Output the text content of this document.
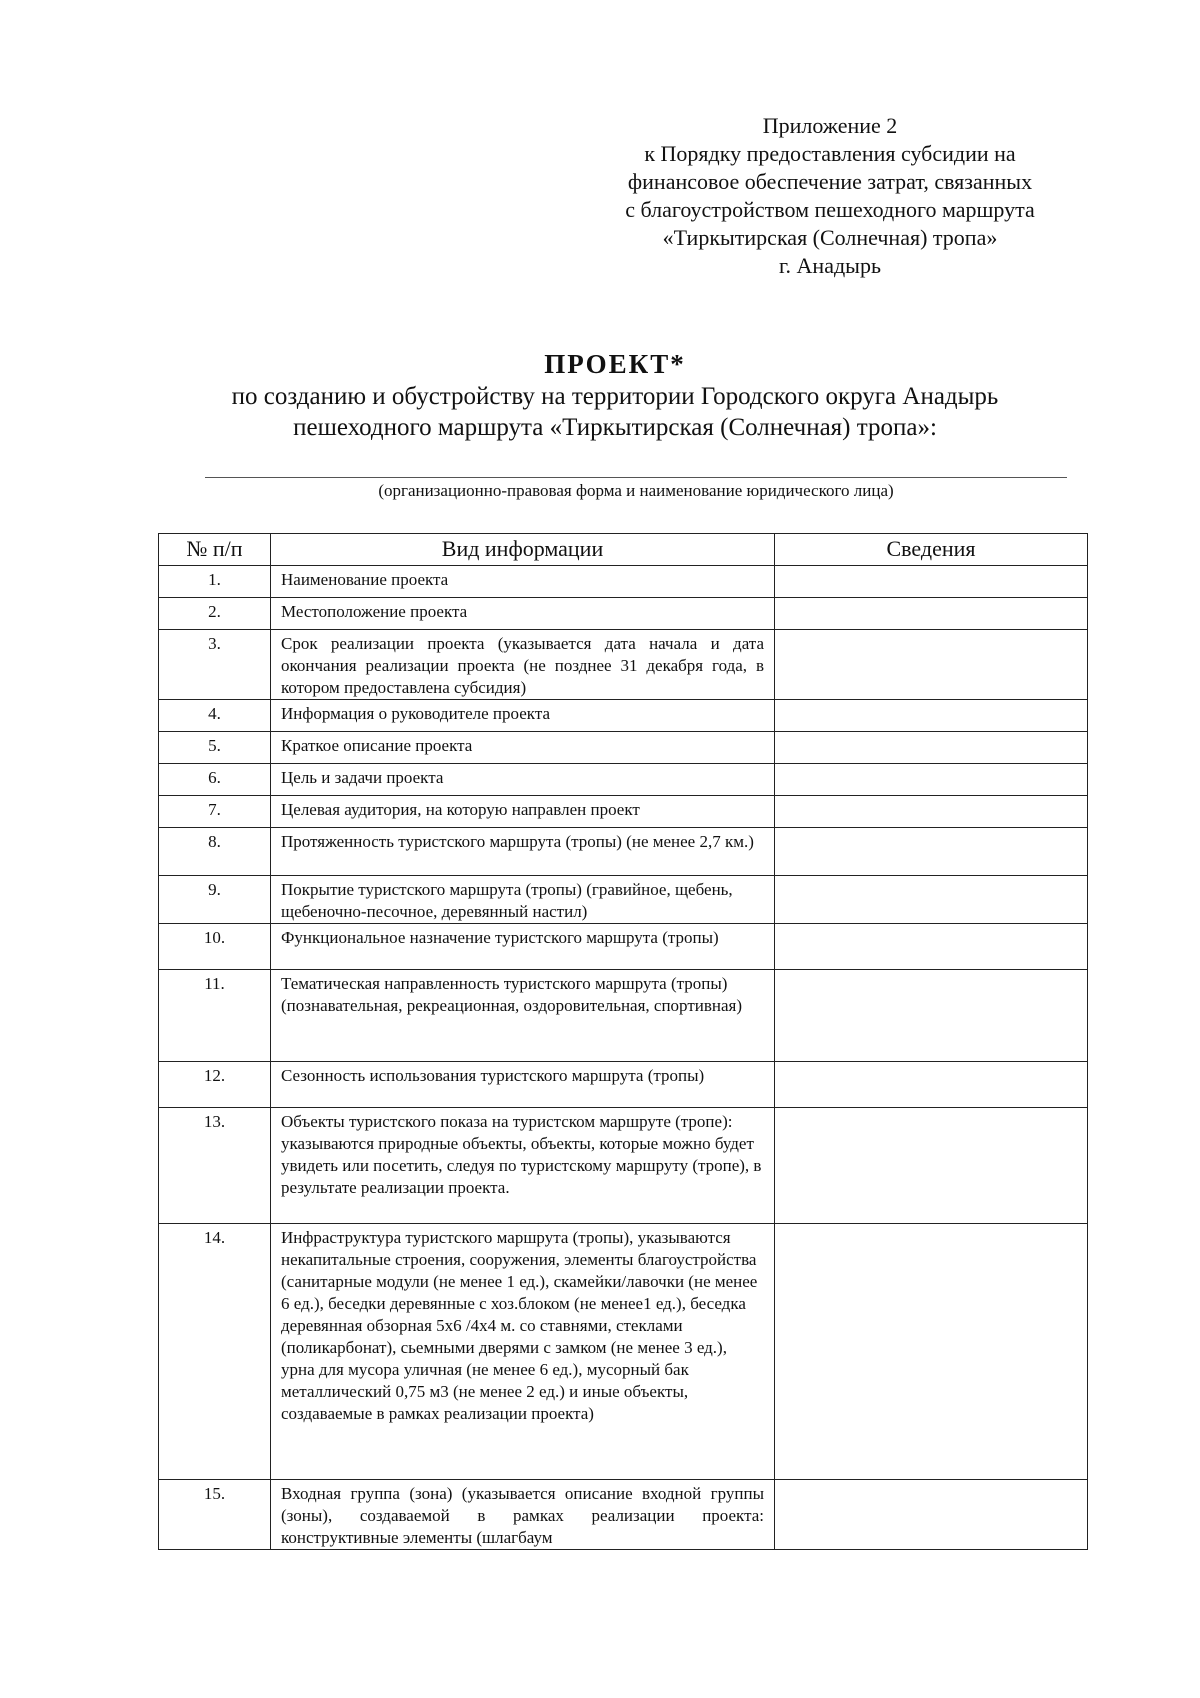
Приложение 2
к Порядку предоставления субсидии на
финансовое обеспечение затрат, связанных
с благоустройством пешеходного маршрута
«Тиркытирская (Солнечная) тропа»
г. Анадырь
ПРОЕКТ*
по созданию и обустройству на территории Городского округа Анадырь
пешеходного маршрута «Тиркытирская (Солнечная) тропа»:
(организационно-правовая форма и наименование юридического лица)
№ п/п	Вид информации	Сведения
1.	Наименование проекта	
2.	Местоположение проекта	
3.	Срок реализации проекта (указывается дата начала и дата окончания реализации проекта (не позднее 31 декабря года, в котором предоставлена субсидия)	
4.	Информация о руководителе проекта	
5.	Краткое описание проекта	
6.	Цель и задачи проекта	
7.	Целевая аудитория, на которую направлен проект	
8.	Протяженность туристского маршрута (тропы) (не менее 2,7 км.)	
9.	Покрытие туристского маршрута (тропы) (гравийное, щебень, щебеночно-песочное, деревянный настил)	
10.	Функциональное назначение туристского маршрута (тропы)	
11.	Тематическая направленность туристского маршрута (тропы) (познавательная, рекреационная, оздоровительная, спортивная)	
12.	Сезонность использования туристского маршрута (тропы)	
13.	Объекты туристского показа на туристском маршруте (тропе): указываются природные объекты, объекты, которые можно будет увидеть или посетить, следуя по туристскому маршруту (тропе), в результате реализации проекта.	
14.	Инфраструктура туристского маршрута (тропы), указываются некапитальные строения, сооружения, элементы благоустройства (санитарные модули (не менее 1 ед.), скамейки/лавочки (не менее 6 ед.), беседки деревянные с хоз.блоком (не менее1 ед.), беседка деревянная обзорная 5х6 /4х4 м. со ставнями, стеклами (поликарбонат), сьемными дверями с замком (не менее 3 ед.), урна для мусора уличная (не менее 6 ед.), мусорный бак металлический 0,75 м3 (не менее 2 ед.) и иные объекты, создаваемые в рамках реализации проекта)	
15.	Входная группа (зона) (указывается описание входной группы (зоны), создаваемой в рамках реализации проекта: конструктивные элементы (шлагбаум	
